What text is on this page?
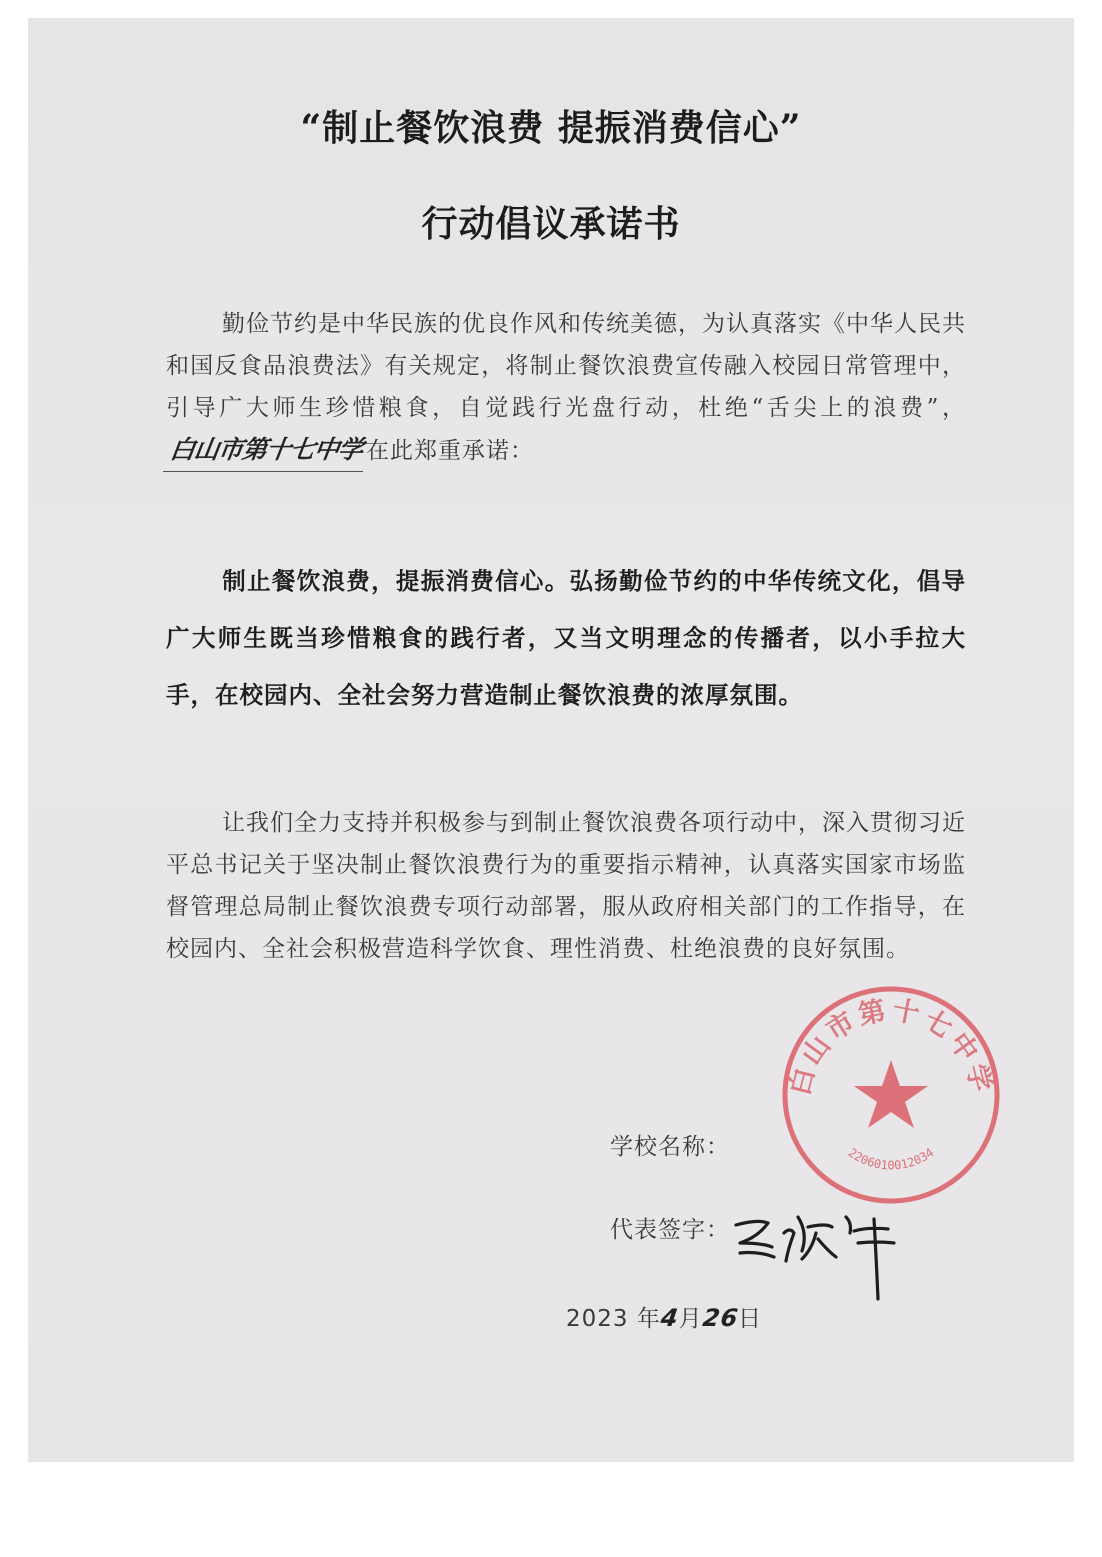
“制止餐饮浪费 提振消费信心”
行动倡议承诺书
勤俭节约是中华民族的优良作风和传统美德，为认真落实《中华人民共和国反食品浪费法》有关规定，将制止餐饮浪费宣传融入校园日常管理中，引导广大师生珍惜粮食，自觉践行光盘行动，杜绝“舌尖上的浪费”，白山市第十七中学在此郑重承诺：
制止餐饮浪费，提振消费信心。弘扬勤俭节约的中华传统文化，倡导广大师生既当珍惜粮食的践行者，又当文明理念的传播者，以小手拉大手，在校园内、全社会努力营造制止餐饮浪费的浓厚氛围。
让我们全力支持并积极参与到制止餐饮浪费各项行动中，深入贯彻习近平总书记关于坚决制止餐饮浪费行为的重要指示精神，认真落实国家市场监督管理总局制止餐饮浪费专项行动部署，服从政府相关部门的工作指导，在校园内、全社会积极营造科学饮食、理性消费、杜绝浪费的良好氛围。
学校名称：
代表签字：
2023 年4月26日
白山市第十七中学
2206010012034
